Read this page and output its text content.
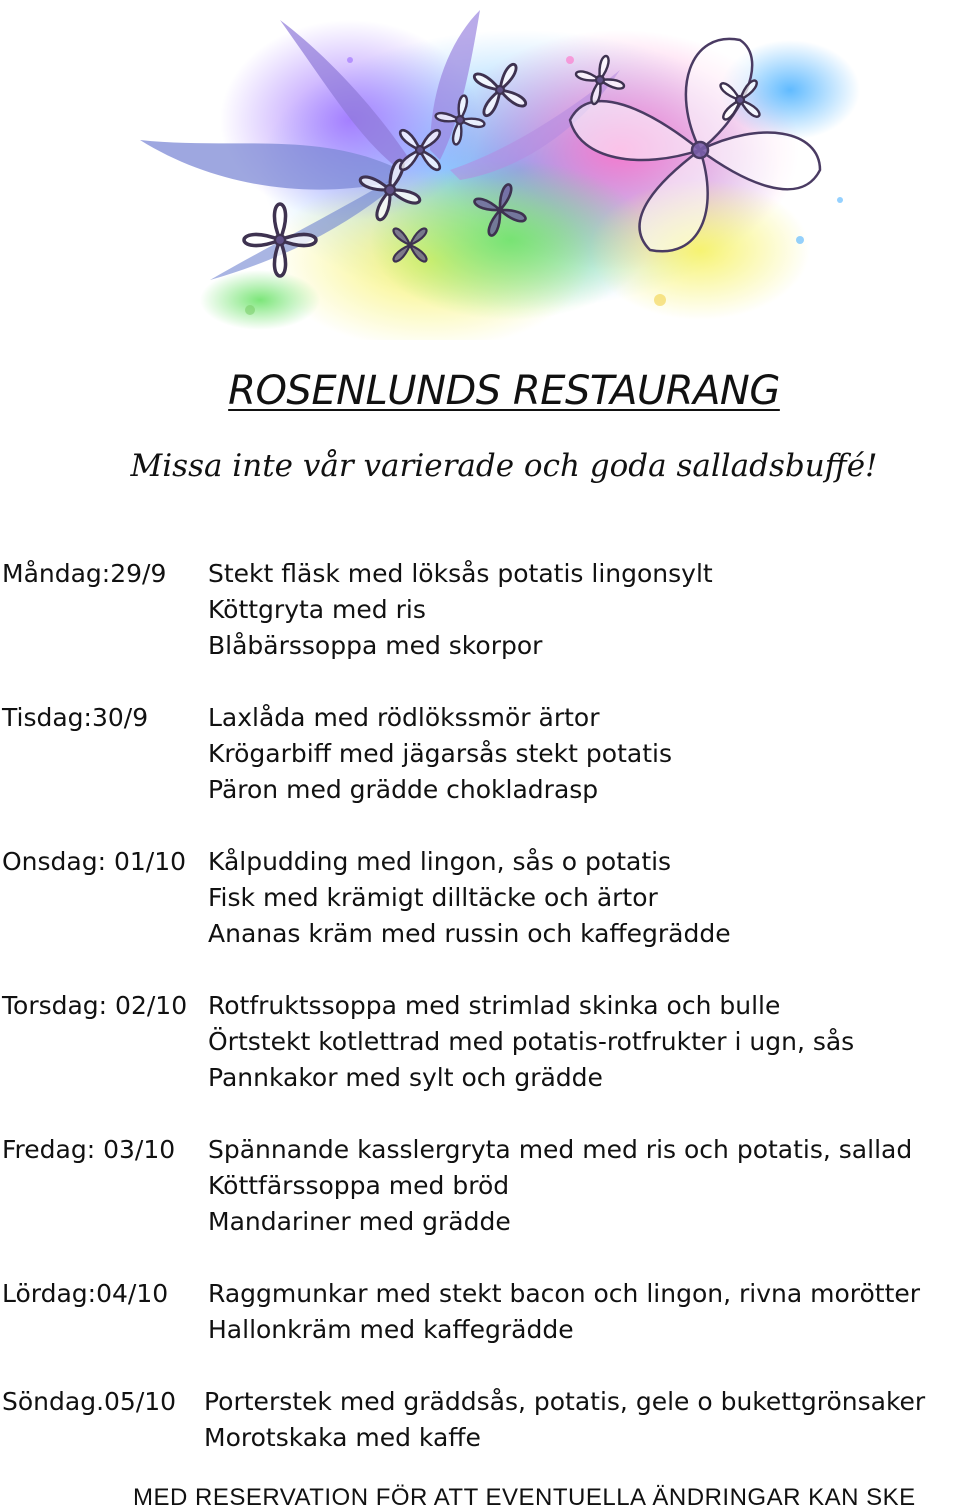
ROSENLUNDS RESTAURANG

Missa inte vår varierade och goda salladsbuffé!

Måndag:29/9 Stekt fläsk med löksås potatis lingonsylt
Köttgryta med ris
Blåbärssoppa med skorpor
Tisdag:30/9 Laxlåda med rödlökssmör ärtor
Krögarbiff med jägarsås stekt potatis
Päron med grädde chokladrasp
Onsdag: 01/10 Kålpudding med lingon, sås o potatis
Fisk med krämigt dilltäcke och ärtor
Ananas kräm med russin och kaffegrädde
Torsdag: 02/10 Rotfruktssoppa med strimlad skinka och bulle
Örtstekt kotlettrad med potatis-rotfrukter i ugn, sås
Pannkakor med sylt och grädde
Fredag: 03/10 Spännande kasslergryta med med ris och potatis, sallad
Köttfärssoppa med bröd
Mandariner med grädde
Lördag:04/10 Raggmunkar med stekt bacon och lingon, rivna morötter
Hallonkräm med kaffegrädde
Söndag.05/10 Porterstek med gräddsås, potatis, gele o bukettgrönsaker
Morotskaka med kaffe
MED RESERVATION FÖR ATT EVENTUELLA ÄNDRINGAR KAN SKE
